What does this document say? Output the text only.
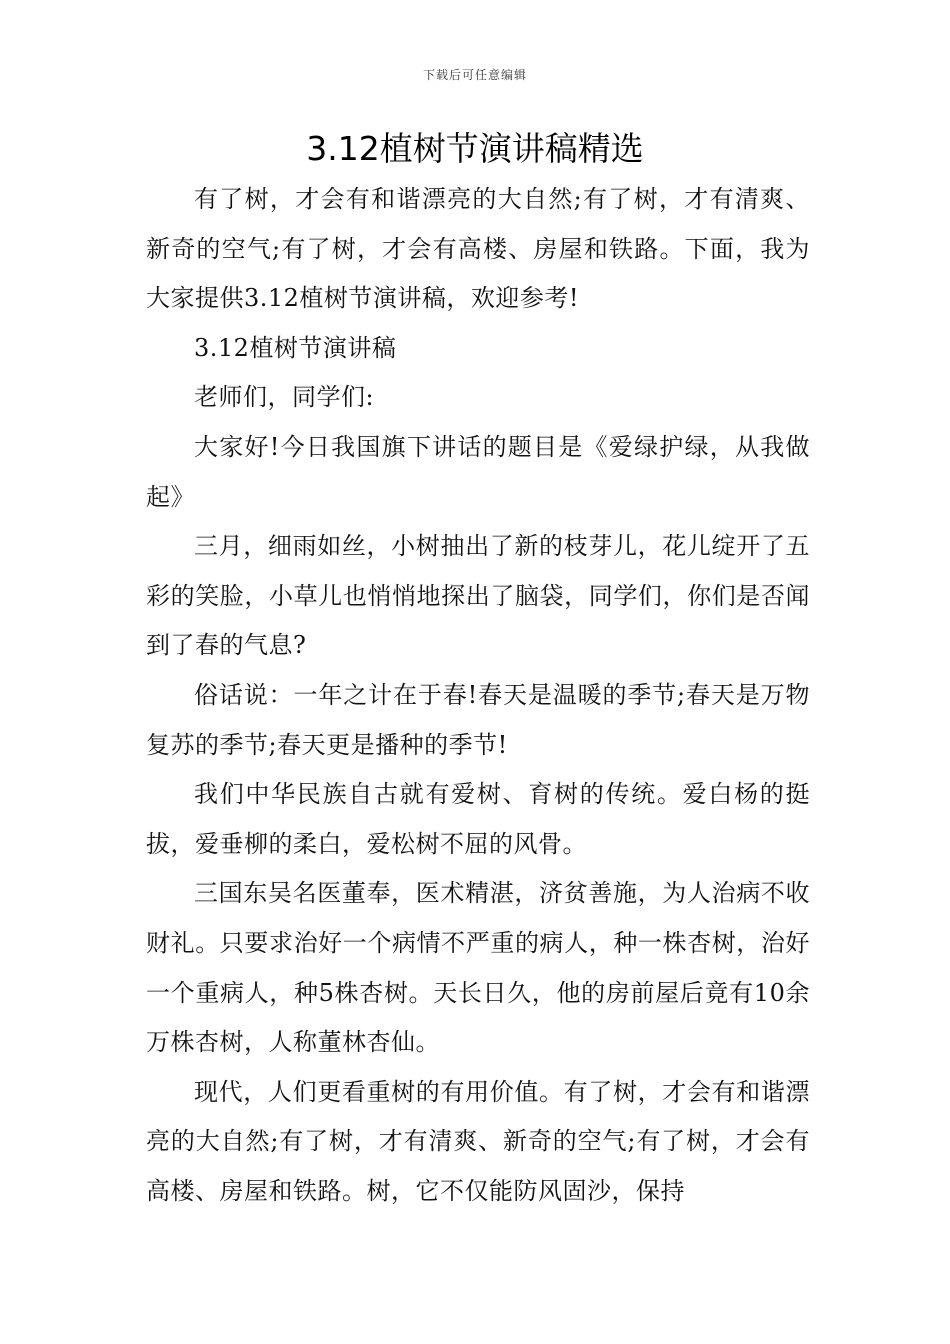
下载后可任意编辑
3.12植树节演讲稿精选

有了树，才会有和谐漂亮的大自然;有了树，才有清爽、新奇的空气;有了树，才会有高楼、房屋和铁路。下面，我为大家提供3.12植树节演讲稿，欢迎参考!

3.12植树节演讲稿

老师们，同学们:

大家好!今日我国旗下讲话的题目是《爱绿护绿，从我做起》

三月，细雨如丝，小树抽出了新的枝芽儿，花儿绽开了五彩的笑脸，小草儿也悄悄地探出了脑袋，同学们，你们是否闻到了春的气息?

俗话说：一年之计在于春!春天是温暖的季节;春天是万物复苏的季节;春天更是播种的季节!

我们中华民族自古就有爱树、育树的传统。爱白杨的挺拔，爱垂柳的柔白，爱松树不屈的风骨。

三国东吴名医董奉，医术精湛，济贫善施，为人治病不收财礼。只要求治好一个病情不严重的病人，种一株杏树，治好一个重病人，种5株杏树。天长日久，他的房前屋后竟有10余万株杏树，人称董林杏仙。

现代，人们更看重树的有用价值。有了树，才会有和谐漂亮的大自然;有了树，才有清爽、新奇的空气;有了树，才会有高楼、房屋和铁路。树，它不仅能防风固沙，保持
